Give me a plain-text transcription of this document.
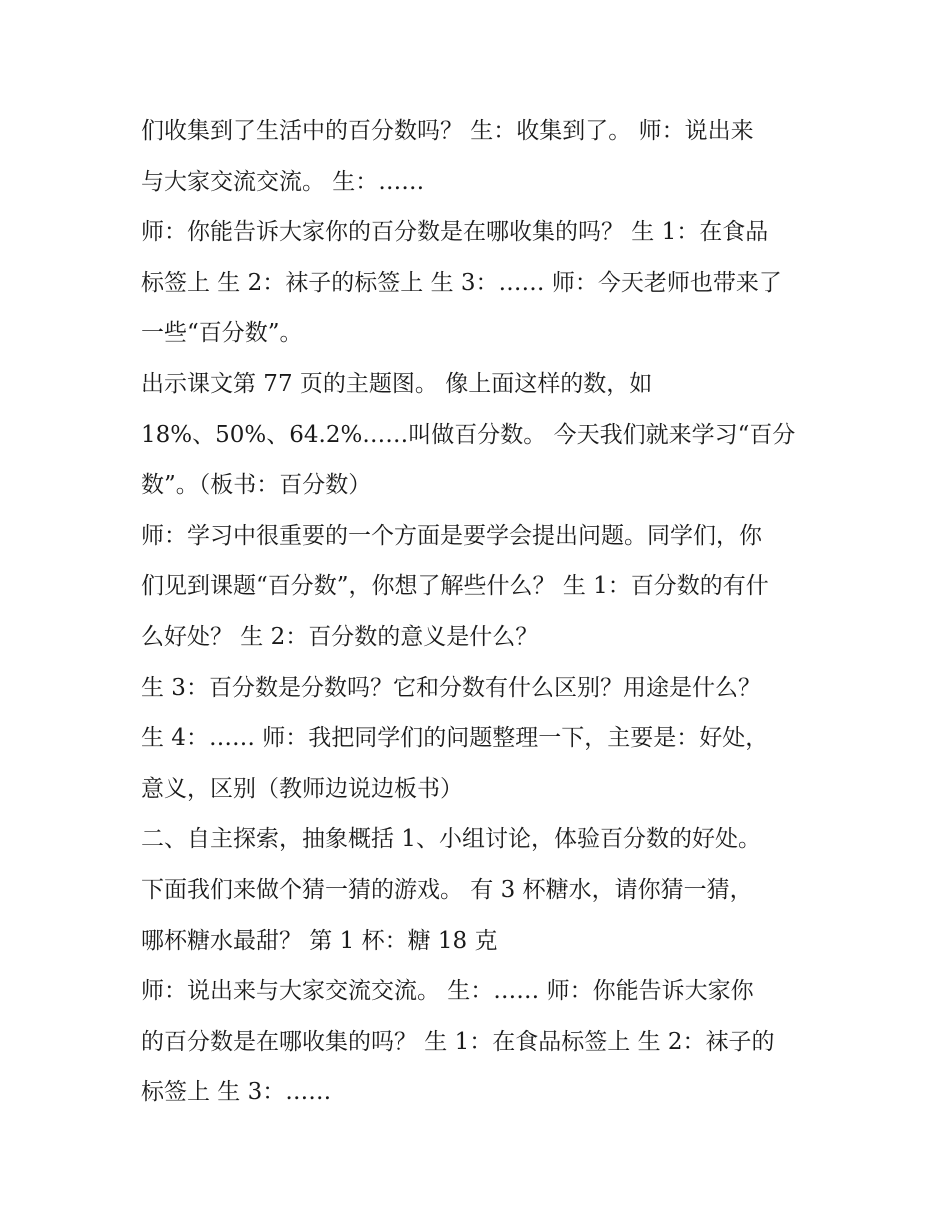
们收集到了生活中的百分数吗？ 生：收集到了。 师：说出来
与大家交流交流。 生：……
师：你能告诉大家你的百分数是在哪收集的吗？ 生 1：在食品
标签上 生 2：袜子的标签上 生 3：…… 师：今天老师也带来了
一些“百分数”。
出示课文第 77 页的主题图。 像上面这样的数，如
18%、50%、64.2%……叫做百分数。 今天我们就来学习“百分
数”。（板书：百分数）
师：学习中很重要的一个方面是要学会提出问题。同学们，你
们见到课题“百分数”，你想了解些什么？ 生 1：百分数的有什
么好处？ 生 2：百分数的意义是什么？
生 3：百分数是分数吗？它和分数有什么区别？用途是什么？
生 4：…… 师：我把同学们的问题整理一下，主要是：好处，
意义，区别（教师边说边板书）
二、自主探索，抽象概括 1、小组讨论，体验百分数的好处。
下面我们来做个猜一猜的游戏。 有 3 杯糖水，请你猜一猜，
哪杯糖水最甜？ 第 1 杯：糖 18 克
师：说出来与大家交流交流。 生：…… 师：你能告诉大家你
的百分数是在哪收集的吗？ 生 1：在食品标签上 生 2：袜子的
标签上 生 3：……
